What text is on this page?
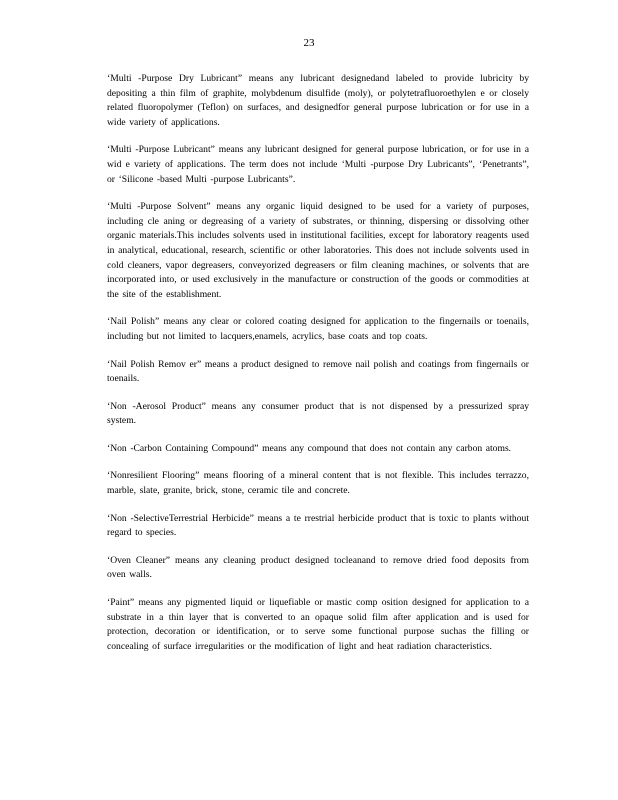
23

‘Multi -Purpose Dry Lubricant” means any lubricant designedand labeled to provide lubricity by depositing a thin film of graphite, molybdenum disulfide (moly), or polytetrafluoroethylen e or closely related fluoropolymer (Teflon) on surfaces, and designedfor general purpose lubrication or for use in a wide variety of applications.

‘Multi -Purpose Lubricant” means any lubricant designed for general purpose lubrication, or for use in a wid e variety of applications. The term does not include ‘Multi -purpose Dry Lubricants”, ‘Penetrants”, or ‘Silicone -based Multi -purpose Lubricants”.

‘Multi -Purpose Solvent” means any organic liquid designed to be used for a variety of purposes, including cle aning or degreasing of a variety of substrates, or thinning, dispersing or dissolving other organic materials.This includes solvents used in institutional facilities, except for laboratory reagents used in analytical, educational, research, scientific or other laboratories. This does not include solvents used in cold cleaners, vapor degreasers, conveyorized degreasers or film cleaning machines, or solvents that are incorporated into, or used exclusively in the manufacture or construction of the goods or commodities at the site of the establishment.

‘Nail Polish” means any clear or colored coating designed for application to the fingernails or toenails, including but not limited to lacquers,enamels, acrylics, base coats and top coats.

‘Nail Polish Remov er” means a product designed to remove nail polish and coatings from fingernails or toenails.

‘Non -Aerosol Product” means any consumer product that is not dispensed by a pressurized spray system.

‘Non -Carbon Containing Compound” means any compound that does not contain any carbon atoms.

‘Nonresilient Flooring” means flooring of a mineral content that is not flexible. This includes terrazzo, marble, slate, granite, brick, stone, ceramic tile and concrete.

‘Non -SelectiveTerrestrial Herbicide” means a te rrestrial herbicide product that is toxic to plants without regard to species.

‘Oven Cleaner” means any cleaning product designed tocleanand to remove dried food deposits from oven walls.

‘Paint” means any pigmented liquid or liquefiable or mastic comp osition designed for application to a substrate in a thin layer that is converted to an opaque solid film after application and is used for protection, decoration or identification, or to serve some functional purpose suchas the filling or concealing of surface irregularities or the modification of light and heat radiation characteristics.
